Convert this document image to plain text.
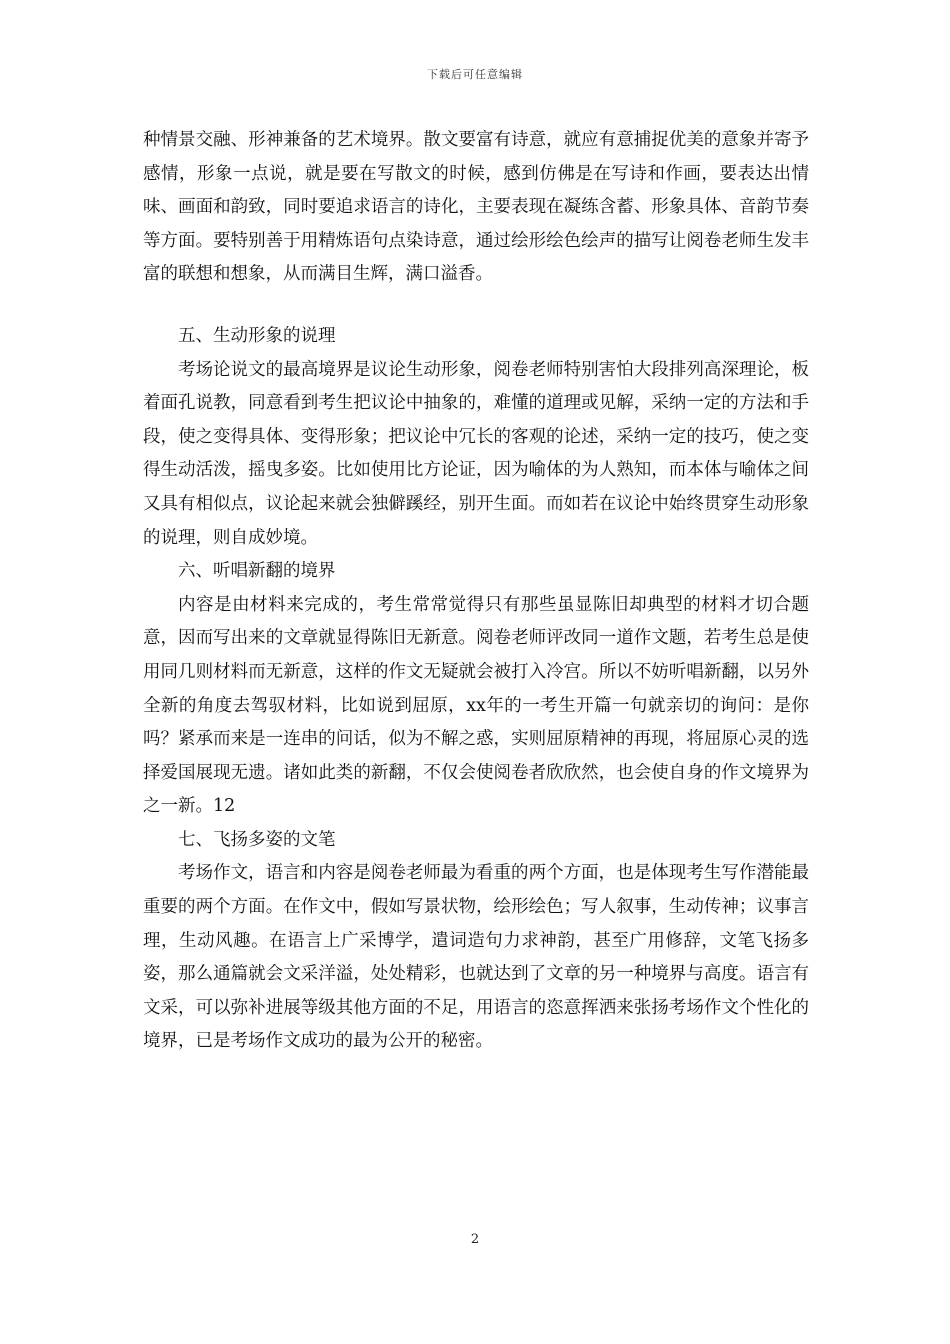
下载后可任意编辑

种情景交融、形神兼备的艺术境界。散文要富有诗意，就应有意捕捉优美的意象并寄予感情，形象一点说，就是要在写散文的时候，感到仿佛是在写诗和作画，要表达出情味、画面和韵致，同时要追求语言的诗化，主要表现在凝练含蓄、形象具体、音韵节奏等方面。要特别善于用精炼语句点染诗意，通过绘形绘色绘声的描写让阅卷老师生发丰富的联想和想象，从而满目生辉，满口溢香。

五、生动形象的说理

考场论说文的最高境界是议论生动形象，阅卷老师特别害怕大段排列高深理论，板着面孔说教，同意看到考生把议论中抽象的，难懂的道理或见解，采纳一定的方法和手段，使之变得具体、变得形象；把议论中冗长的客观的论述，采纳一定的技巧，使之变得生动活泼，摇曳多姿。比如使用比方论证，因为喻体的为人熟知，而本体与喻体之间又具有相似点，议论起来就会独僻蹊经，别开生面。而如若在议论中始终贯穿生动形象的说理，则自成妙境。

六、听唱新翻的境界

内容是由材料来完成的，考生常常觉得只有那些虽显陈旧却典型的材料才切合题意，因而写出来的文章就显得陈旧无新意。阅卷老师评改同一道作文题，若考生总是使用同几则材料而无新意，这样的作文无疑就会被打入冷宫。所以不妨听唱新翻，以另外全新的角度去驾驭材料，比如说到屈原，xx年的一考生开篇一句就亲切的询问：是你吗？紧承而来是一连串的问话，似为不解之惑，实则屈原精神的再现，将屈原心灵的选择爱国展现无遗。诸如此类的新翻，不仅会使阅卷者欣欣然，也会使自身的作文境界为之一新。12

七、飞扬多姿的文笔

考场作文，语言和内容是阅卷老师最为看重的两个方面，也是体现考生写作潜能最重要的两个方面。在作文中，假如写景状物，绘形绘色；写人叙事，生动传神；议事言理，生动风趣。在语言上广采博学，遣词造句力求神韵，甚至广用修辞，文笔飞扬多姿，那么通篇就会文采洋溢，处处精彩，也就达到了文章的另一种境界与高度。语言有文采，可以弥补进展等级其他方面的不足，用语言的恣意挥洒来张扬考场作文个性化的境界，已是考场作文成功的最为公开的秘密。

2
